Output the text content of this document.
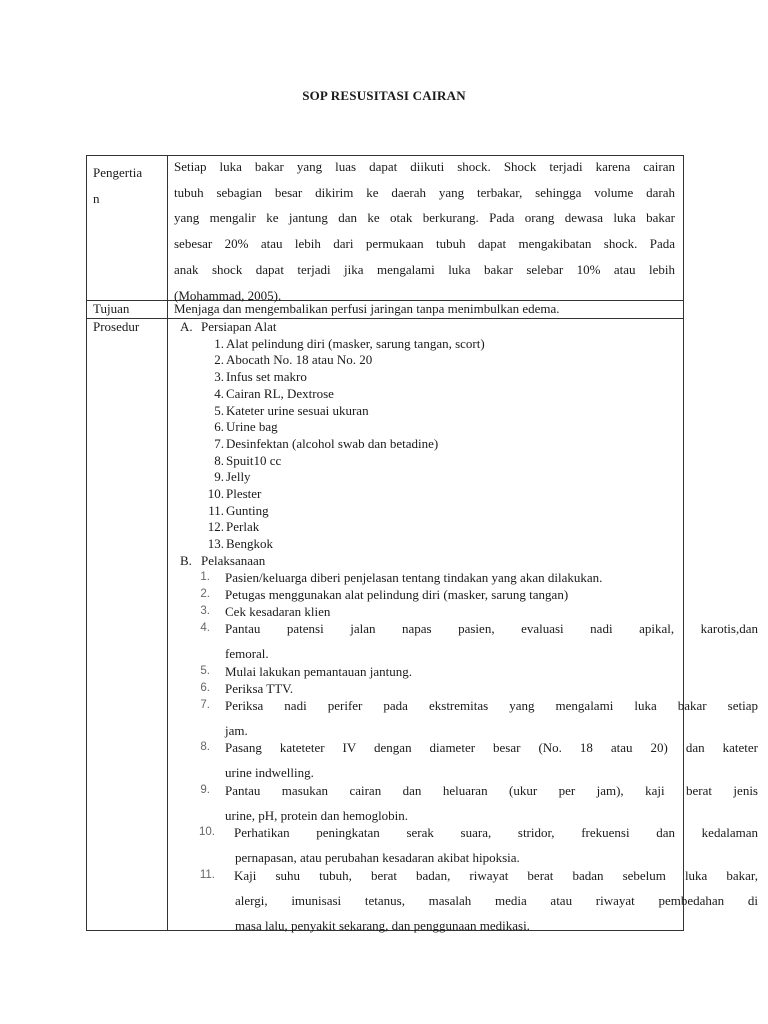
SOP RESUSITASI CAIRAN
Pengertia
n
Setiap luka bakar yang luas dapat diikuti shock. Shock terjadi karena cairan
tubuh sebagian besar dikirim ke daerah yang terbakar, sehingga volume darah
yang mengalir ke jantung dan ke otak berkurang. Pada orang dewasa luka bakar
sebesar 20% atau lebih dari permukaan tubuh dapat mengakibatan shock. Pada
anak shock dapat terjadi jika mengalami luka bakar selebar 10% atau lebih
(Mohammad, 2005).
Tujuan	Menjaga dan mengembalikan perfusi jaringan tanpa menimbulkan edema.
Prosedur	A. Persiapan Alat
1. Alat pelindung diri (masker, sarung tangan, scort)
2. Abocath No. 18 atau No. 20
3. Infus set makro
4. Cairan RL, Dextrose
5. Kateter urine sesuai ukuran
6. Urine bag
7. Desinfektan (alcohol swab dan betadine)
8. Spuit10 cc
9. Jelly
10. Plester
11. Gunting
12. Perlak
13. Bengkok
B. Pelaksanaan
1. Pasien/keluarga diberi penjelasan tentang tindakan yang akan dilakukan.
2. Petugas menggunakan alat pelindung diri (masker, sarung tangan)
3. Cek kesadaran klien
4. Pantau patensi jalan napas pasien, evaluasi nadi apikal, karotis,dan
femoral.
5. Mulai lakukan pemantauan jantung.
6. Periksa TTV.
7. Periksa nadi perifer pada ekstremitas yang mengalami luka bakar setiap
jam.
8. Pasang kateteter IV dengan diameter besar (No. 18 atau 20) dan kateter
urine indwelling.
9. Pantau masukan cairan dan heluaran (ukur per jam), kaji berat jenis
urine, pH, protein dan hemoglobin.
10. Perhatikan peningkatan serak suara, stridor, frekuensi dan kedalaman
pernapasan, atau perubahan kesadaran akibat hipoksia.
11. Kaji suhu tubuh, berat badan, riwayat berat badan sebelum luka bakar,
alergi, imunisasi tetanus, masalah media atau riwayat pembedahan di
masa lalu, penyakit sekarang, dan penggunaan medikasi.
